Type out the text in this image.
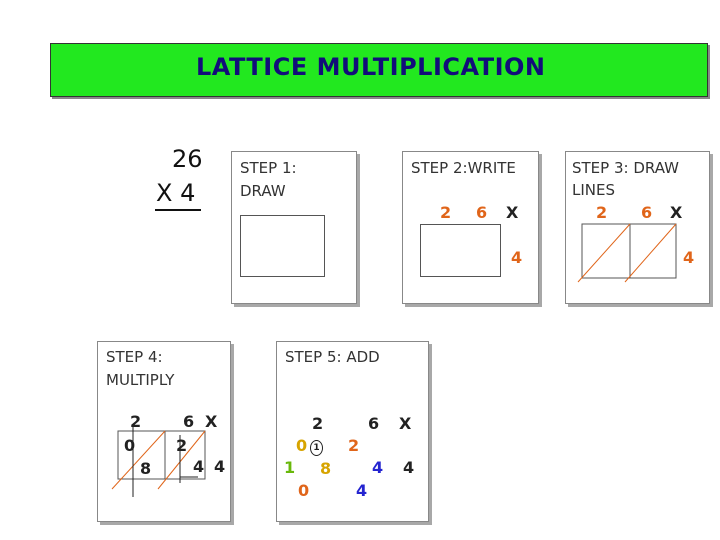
LATTICE MULTIPLICATION
26
X 4
STEP 1:
DRAW
STEP 2:WRITE
2 6 X
4
STEP 3: DRAW
LINES
2 6 X
4
STEP 4:
MULTIPLY
2	6 X
4
0
8
2
4
STEP 5: ADD
2	6 X
4
0 1
8
2
4
1
0	4
